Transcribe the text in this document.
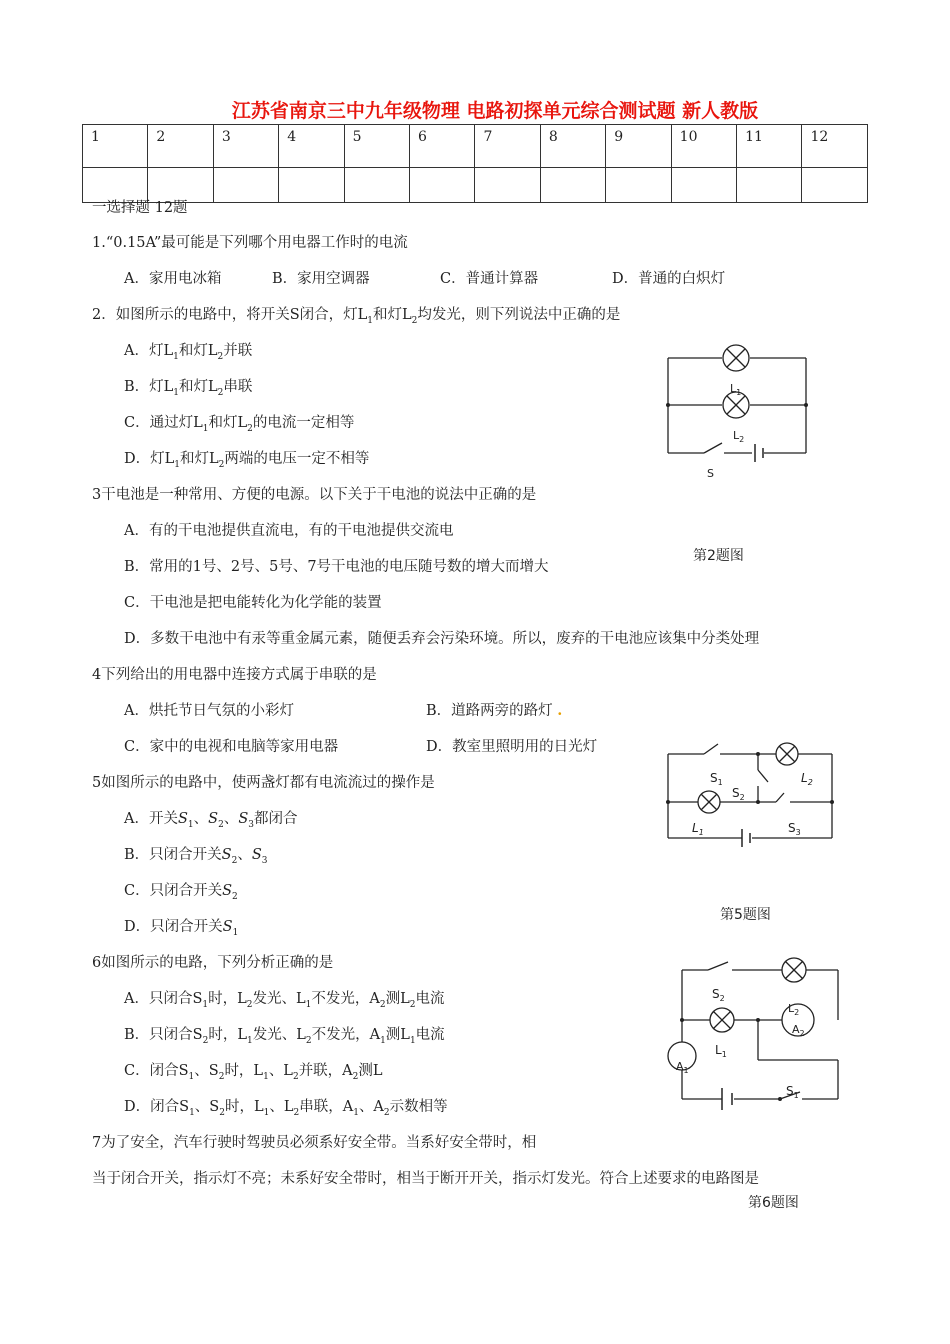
江苏省南京三中九年级物理 电路初探单元综合测试题 新人教版
1	2	3	4	5	6	7	8	9	10	11	12

一选择题 12题
1.“0.15A”最可能是下列哪个用电器工作时的电流
A．家用电冰箱	B．家用空调器	C．普通计算器	D．普通的白炽灯
2．如图所示的电路中，将开关S闭合，灯$L_1$和灯$L_2$均发光，则下列说法中正确的是
A．灯$L_1$和灯$L_2$并联
B．灯$L_1$和灯$L_2$串联
C．通过灯$L_1$和灯$L_2$的电流一定相等
D．灯$L_1$和灯$L_2$两端的电压一定不相等
3干电池是一种常用、方便的电源。以下关于干电池的说法中正确的是
A．有的干电池提供直流电，有的干电池提供交流电
B．常用的1号、2号、5号、7号干电池的电压随号数的增大而增大
C．干电池是把电能转化为化学能的装置
D．多数干电池中有汞等重金属元素，随便丢弃会污染环境。所以，废弃的干电池应该集中分类处理
4下列给出的用电器中连接方式属于串联的是
A．烘托节日气氛的小彩灯	B．道路两旁的路灯 .
C．家中的电视和电脑等家用电器	D．教室里照明用的日光灯
5如图所示的电路中，使两盏灯都有电流流过的操作是
A．开关$S_1$、$S_2$、$S_3$都闭合
B．只闭合开关$S_2$、$S_3$
C．只闭合开关$S_2$
D．只闭合开关$S_1$
6如图所示的电路，下列分析正确的是
A．只闭合$S_1$时，$L_2$发光、$L_1$不发光，$A_2$测$L_2$电流
B．只闭合$S_2$时，$L_1$发光、$L_2$不发光，$A_1$测$L_1$电流
C．闭合$S_1$、$S_2$时，$L_1$、$L_2$并联，$A_2$测L
D．闭合$S_1$、$S_2$时，$L_1$、$L_2$串联，$A_1$、$A_2$示数相等
7为了安全，汽车行驶时驾驶员必须系好安全带。当系好安全带时，相
当于闭合开关，指示灯不亮；未系好安全带时，相当于断开开关，指示灯发光。符合上述要求的电路图是
$L_1$
$L_2$
S
第2题图
$S_1$
$S_2$
$L_2$
$L_1$	$S_3$
第5题图
$S_2$
$L_2$
$A_2$
$L_1$
$A_1$
$S_1$
第6题图
